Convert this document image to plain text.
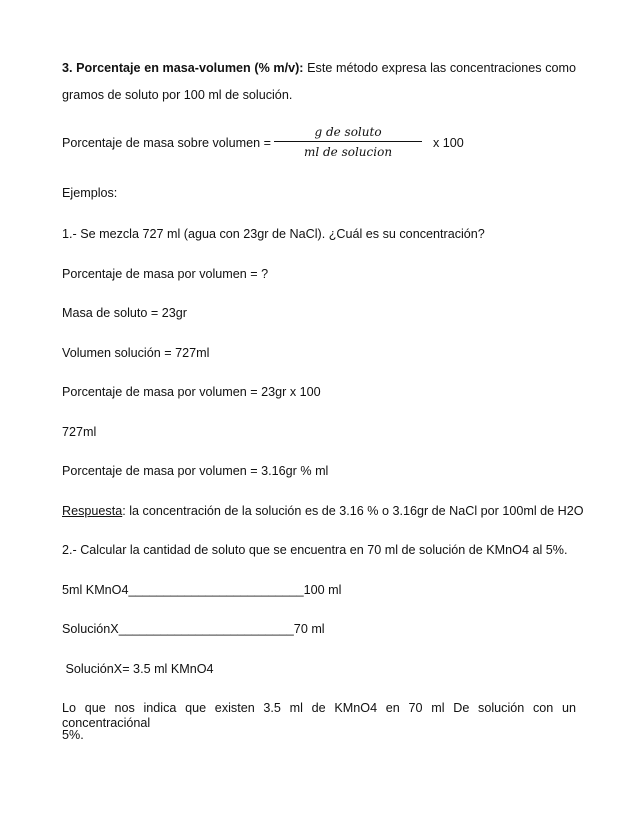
3. Porcentaje en masa-volumen (% m/v): Este método expresa las concentraciones como
gramos de soluto por 100 ml de solución.
Porcentaje de masa sobre volumen =
g de soluto
ml de solucion
x 100
Ejemplos:
1.- Se mezcla 727 ml (agua con 23gr de NaCl). ¿Cuál es su concentración?
Porcentaje de masa por volumen = ?
Masa de soluto = 23gr
Volumen solución = 727ml
Porcentaje de masa por volumen = 23gr x 100
727ml
Porcentaje de masa por volumen = 3.16gr % ml
Respuesta: la concentración de la solución es de 3.16 % o 3.16gr de NaCl por 100ml de H2O
2.- Calcular la cantidad de soluto que se encuentra en 70 ml de solución de KMnO4 al 5%.
5ml KMnO4_________________________100 ml
SoluciónX_________________________70 ml
SoluciónX= 3.5 ml KMnO4
Lo que nos indica que existen 3.5 ml de KMnO4 en 70 ml De solución con un concentraciónal
5%.
